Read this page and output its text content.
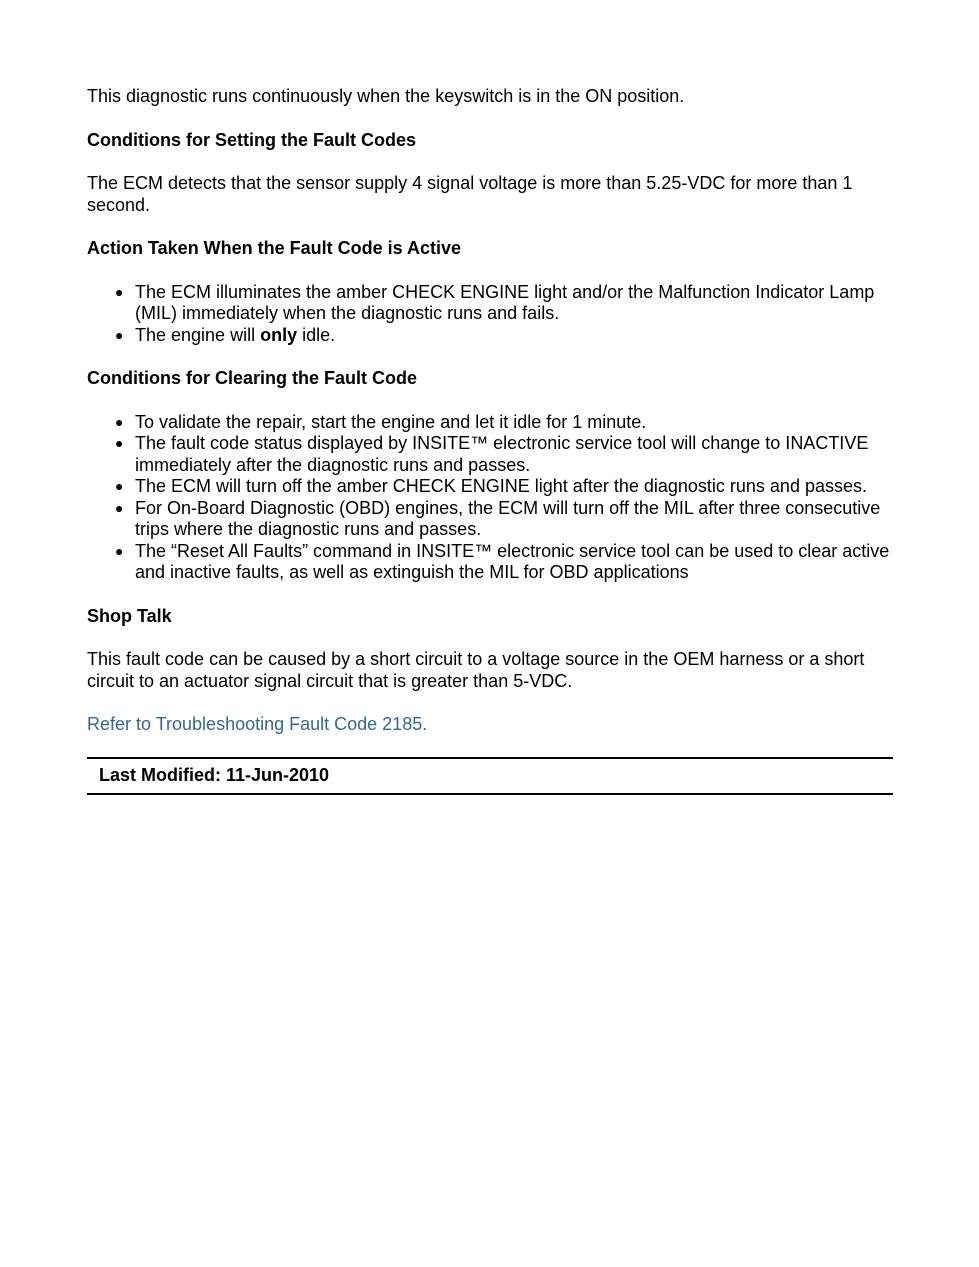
This diagnostic runs continuously when the keyswitch is in the ON position.

Conditions for Setting the Fault Codes

The ECM detects that the sensor supply 4 signal voltage is more than 5.25-VDC for more than 1 second.

Action Taken When the Fault Code is Active
● The ECM illuminates the amber CHECK ENGINE light and/or the Malfunction Indicator Lamp (MIL) immediately when the diagnostic runs and fails.
● The engine will only idle.
Conditions for Clearing the Fault Code
● To validate the repair, start the engine and let it idle for 1 minute.
● The fault code status displayed by INSITE™ electronic service tool will change to INACTIVE immediately after the diagnostic runs and passes.
● The ECM will turn off the amber CHECK ENGINE light after the diagnostic runs and passes.
● For On-Board Diagnostic (OBD) engines, the ECM will turn off the MIL after three consecutive trips where the diagnostic runs and passes.
● The “Reset All Faults” command in INSITE™ electronic service tool can be used to clear active and inactive faults, as well as extinguish the MIL for OBD applications
Shop Talk

This fault code can be caused by a short circuit to a voltage source in the OEM harness or a short circuit to an actuator signal circuit that is greater than 5-VDC.

Refer to Troubleshooting Fault Code 2185.
Last Modified: 11-Jun-2010
